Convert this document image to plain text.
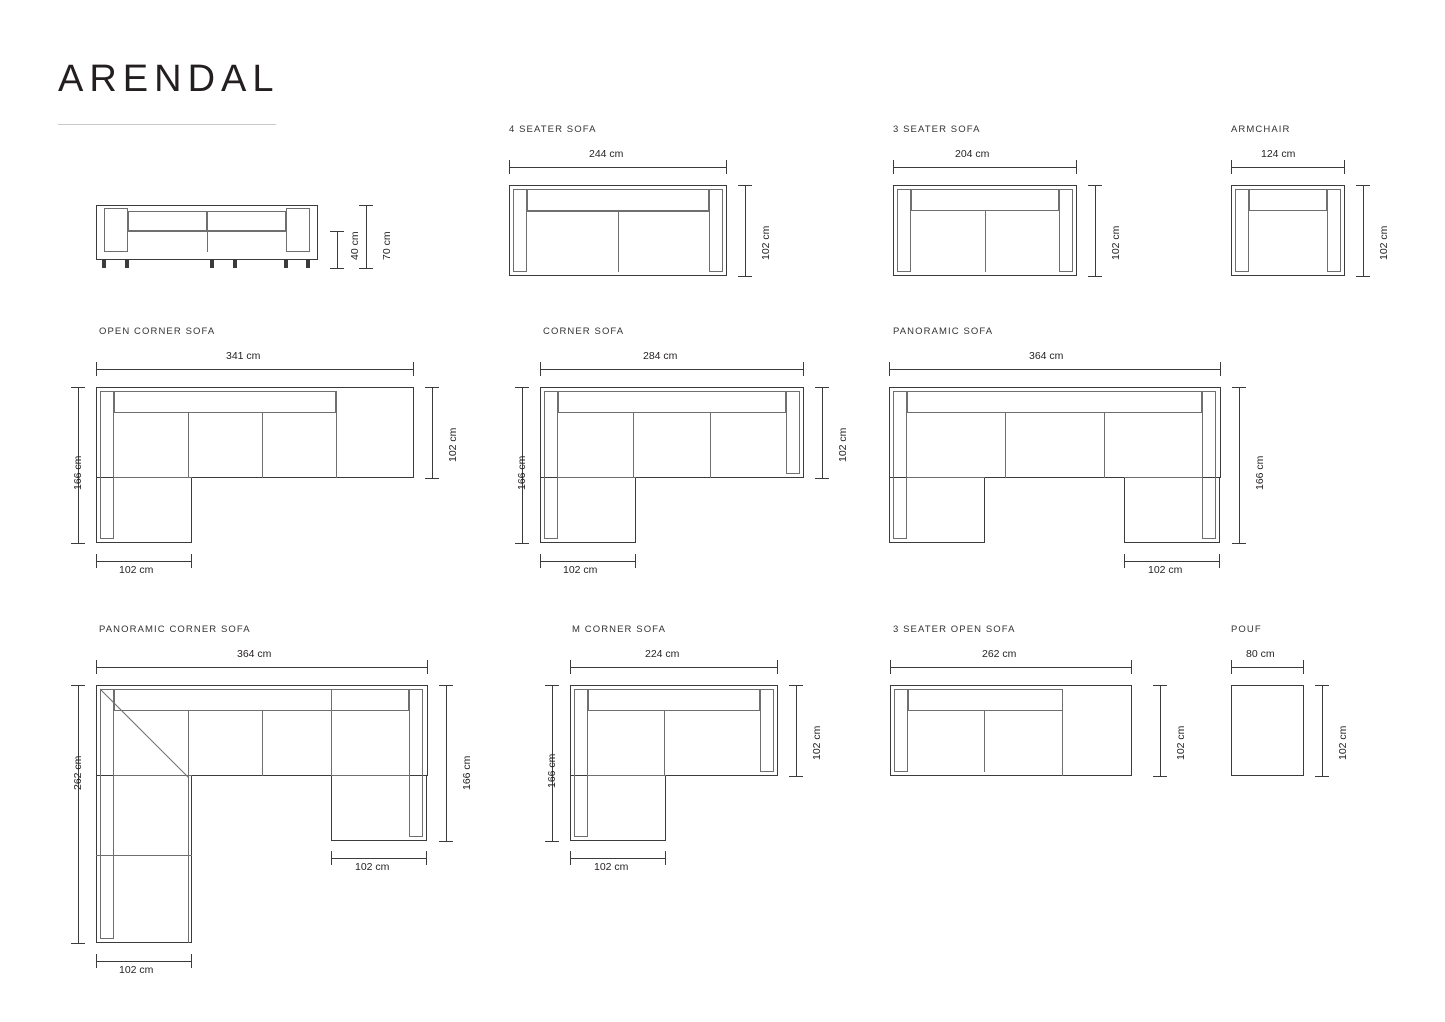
ARENDAL
40 cm 70 cm
4 SEATER SOFA
244 cm
102 cm
3 SEATER SOFA
204 cm
102 cm
ARMCHAIR
124 cm
102 cm
OPEN CORNER SOFA
341 cm
166 cm
102 cm
102 cm
CORNER SOFA
284 cm
166 cm
102 cm
102 cm
PANORAMIC SOFA
364 cm
166 cm
102 cm
PANORAMIC CORNER SOFA
364 cm
262 cm	166 cm
102 cm
102 cm
M CORNER SOFA
224 cm
166 cm
102 cm
102 cm
3 SEATER OPEN SOFA
262 cm
102 cm
POUF
80 cm
102 cm
